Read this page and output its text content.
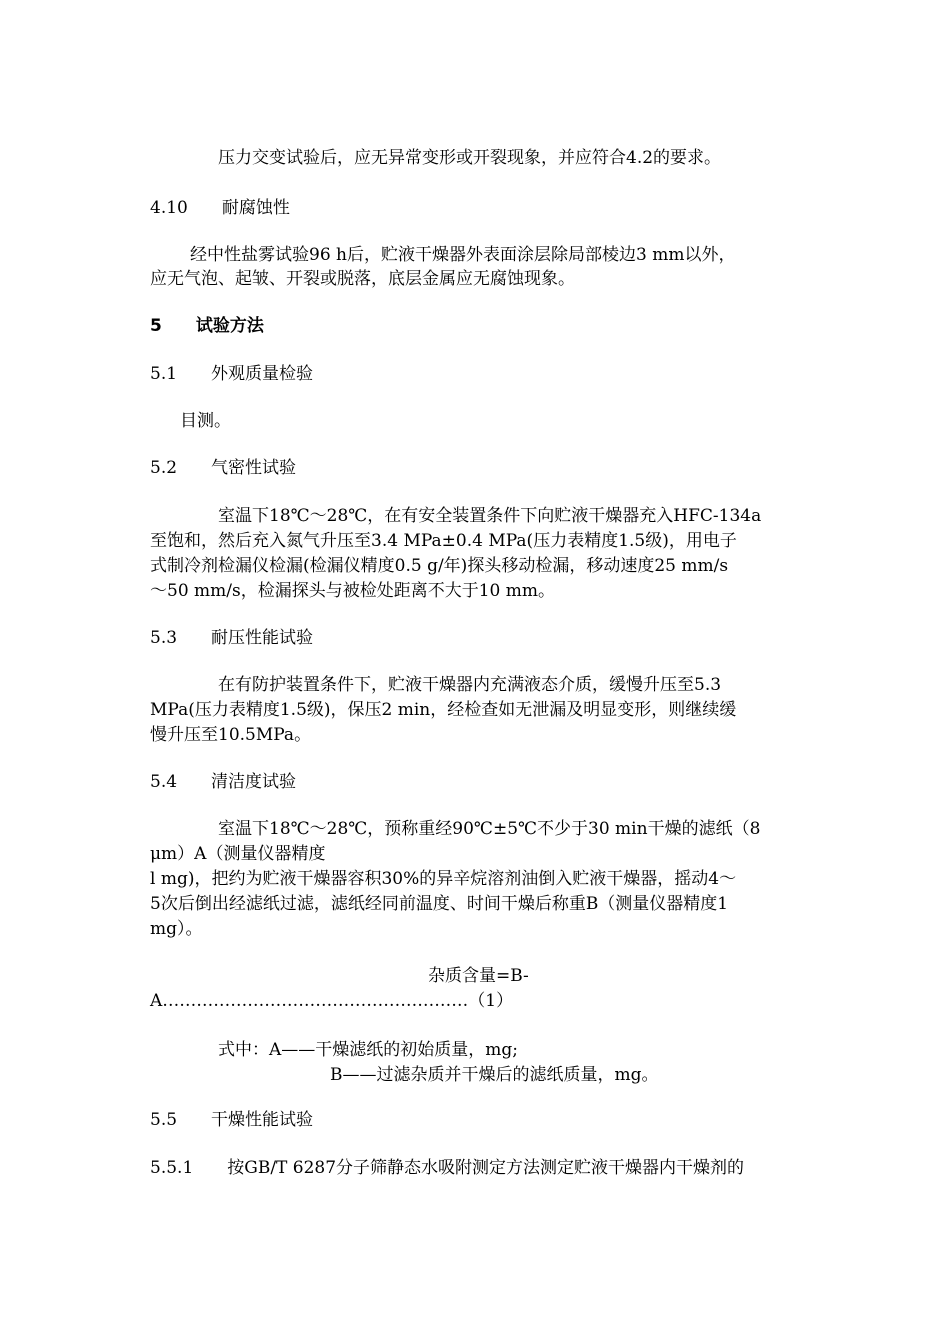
压力交变试验后，应无异常变形或开裂现象，并应符合4.2的要求。
4.10　　耐腐蚀性
经中性盐雾试验96 h后，贮液干燥器外表面涂层除局部棱边3 mm以外，
应无气泡、起皱、开裂或脱落，底层金属应无腐蚀现象。
5　　试验方法
5.1　　外观质量检验
目测。
5.2　　气密性试验
室温下18℃～28℃，在有安全装置条件下向贮液干燥器充入HFC-134a
至饱和，然后充入氮气升压至3.4 MPa±0.4 MPa(压力表精度1.5级)，用电子
式制冷剂检漏仪检漏(检漏仪精度0.5 g/年)探头移动检漏，移动速度25 mm/s
～50 mm/s，检漏探头与被检处距离不大于10 mm。
5.3　　耐压性能试验
在有防护装置条件下，贮液干燥器内充满液态介质，缓慢升压至5.3
MPa(压力表精度1.5级)，保压2 min，经检查如无泄漏及明显变形，则继续缓
慢升压至10.5MPa。
5.4　　清洁度试验
室温下18℃～28℃，预称重经90℃±5℃不少于30 min干燥的滤纸（8
μm）A（测量仪器精度
l mg)，把约为贮液干燥器容积30%的异辛烷溶剂油倒入贮液干燥器，摇动4～
5次后倒出经滤纸过滤，滤纸经同前温度、时间干燥后称重B（测量仪器精度1
mg）。
杂质含量=B-
A………………………………………………（1）
式中：A——干燥滤纸的初始质量，mg;
B——过滤杂质并干燥后的滤纸质量，mg。
5.5　　干燥性能试验
5.5.1　　按GB/T 6287分子筛静态水吸附测定方法测定贮液干燥器内干燥剂的
